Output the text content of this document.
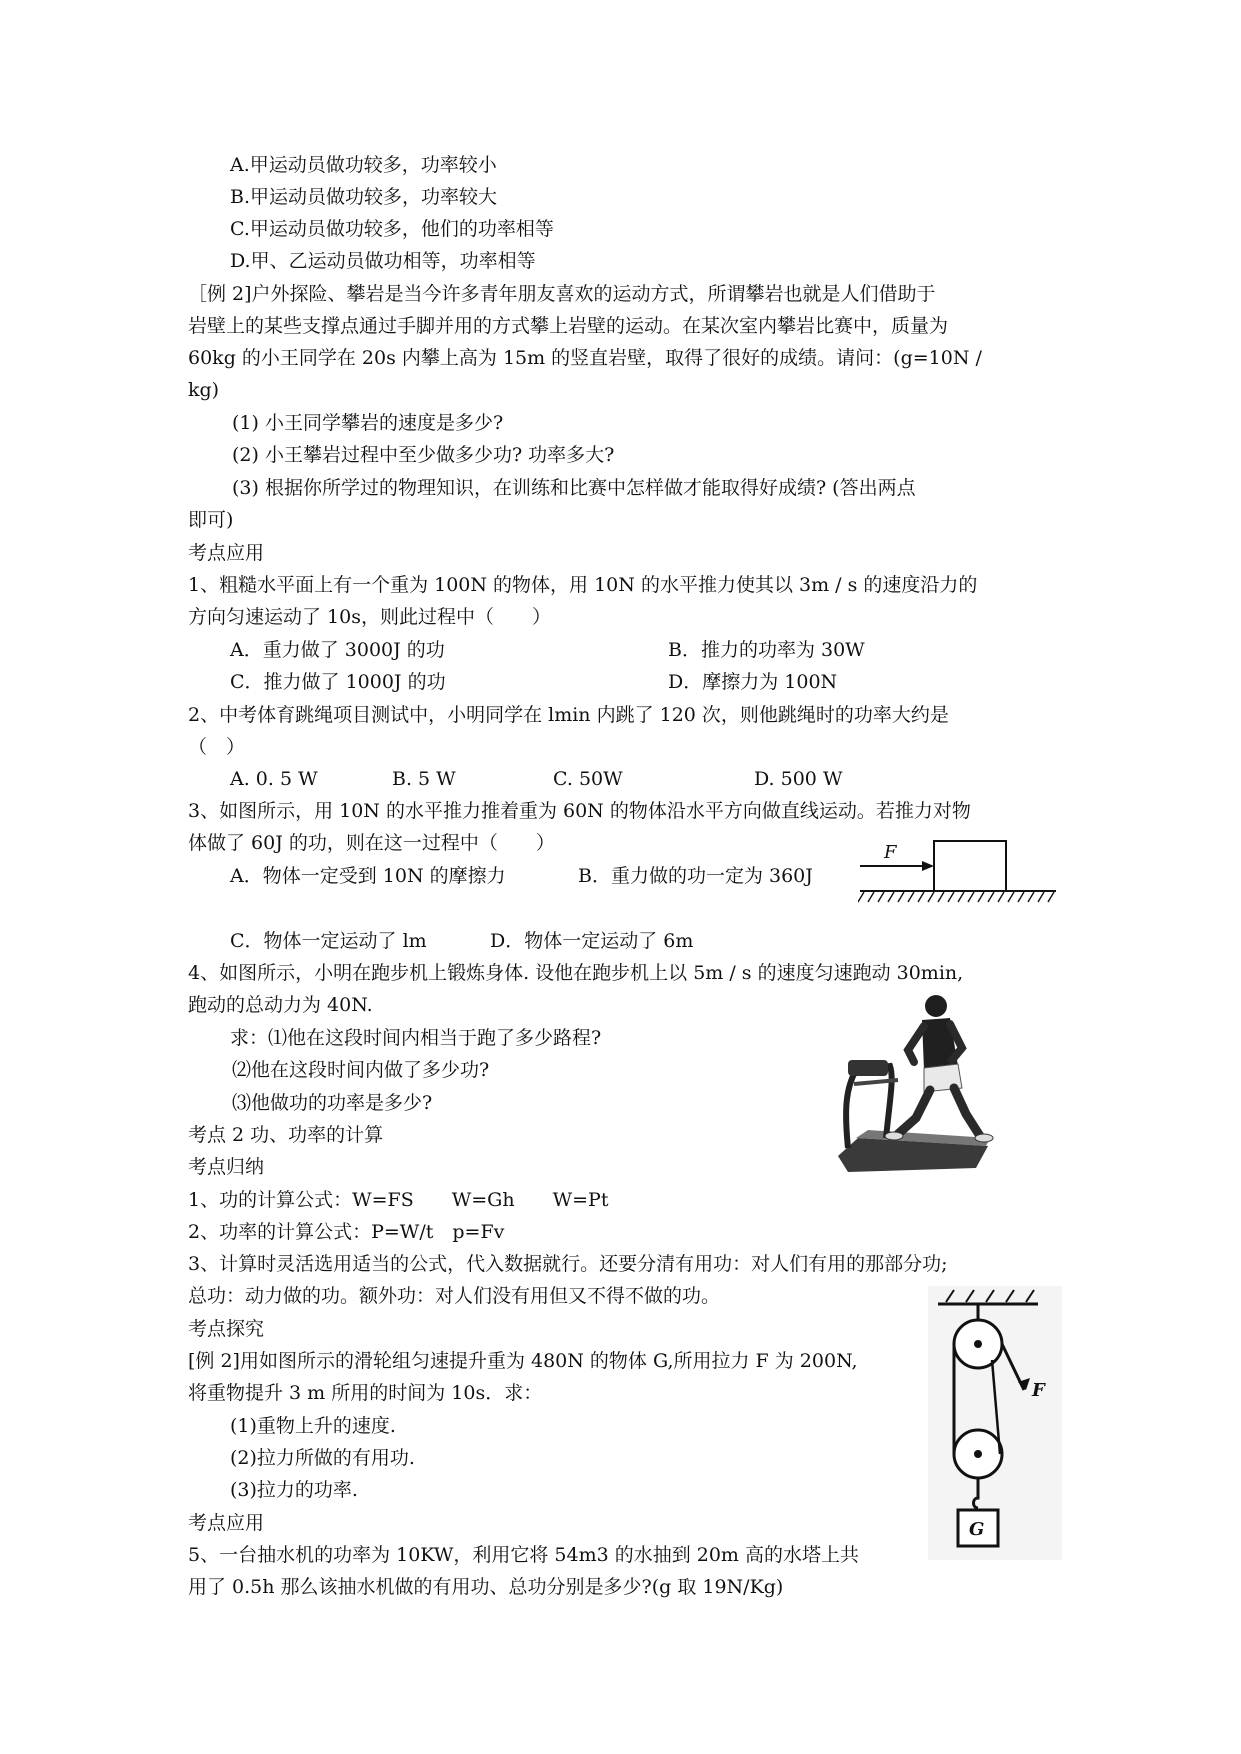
A.甲运动员做功较多，功率较小
B.甲运动员做功较多，功率较大
C.甲运动员做功较多，他们的功率相等
D.甲、乙运动员做功相等，功率相等
［例 2]户外探险、攀岩是当今许多青年朋友喜欢的运动方式，所谓攀岩也就是人们借助于
岩壁上的某些支撑点通过手脚并用的方式攀上岩壁的运动。在某次室内攀岩比赛中，质量为
60kg 的小王同学在 20s 内攀上高为 15m 的竖直岩壁，取得了很好的成绩。请问：(g=10N /
kg)
(1) 小王同学攀岩的速度是多少?
(2) 小王攀岩过程中至少做多少功? 功率多大?
(3) 根据你所学过的物理知识，在训练和比赛中怎样做才能取得好成绩? (答出两点
即可)
考点应用
1、粗糙水平面上有一个重为 100N 的物体，用 10N 的水平推力使其以 3m / s 的速度沿力的
方向匀速运动了 10s，则此过程中（　　）
A．重力做了 3000J 的功	B．推力的功率为 30W
C．推力做了 1000J 的功	D．摩擦力为 100N
2、中考体育跳绳项目测试中，小明同学在 lmin 内跳了 120 次，则他跳绳时的功率大约是
（　）
A. 0. 5 W	B. 5 W	C. 50W	D. 500 W
3、如图所示，用 10N 的水平推力推着重为 60N 的物体沿水平方向做直线运动。若推力对物
体做了 60J 的功，则在这一过程中（　　）
A．物体一定受到 10N 的摩擦力	B．重力做的功一定为 360J
C．物体一定运动了 lm	D．物体一定运动了 6m
4、如图所示，小明在跑步机上锻炼身体. 设他在跑步机上以 5m / s 的速度匀速跑动 30min,
跑动的总动力为 40N.
求：⑴他在这段时间内相当于跑了多少路程?
⑵他在这段时间内做了多少功?
⑶他做功的功率是多少?
考点 2 功、功率的计算
考点归纳
1、功的计算公式：W=FS　　W=Gh　　W=Pt
2、功率的计算公式：P=W/t　p=Fv
3、计算时灵活选用适当的公式，代入数据就行。还要分清有用功：对人们有用的那部分功;
总功：动力做的功。额外功：对人们没有用但又不得不做的功。
考点探究
[例 2]用如图所示的滑轮组匀速提升重为 480N 的物体 G,所用拉力 F 为 200N,
将重物提升 3 m 所用的时间为 10s．求：
(1)重物上升的速度.
(2)拉力所做的有用功.
(3)拉力的功率.
考点应用
5、一台抽水机的功率为 10KW，利用它将 54m3 的水抽到 20m 高的水塔上共
用了 0.5h 那么该抽水机做的有用功、总功分别是多少?(g 取 19N/Kg)
F
F
G
